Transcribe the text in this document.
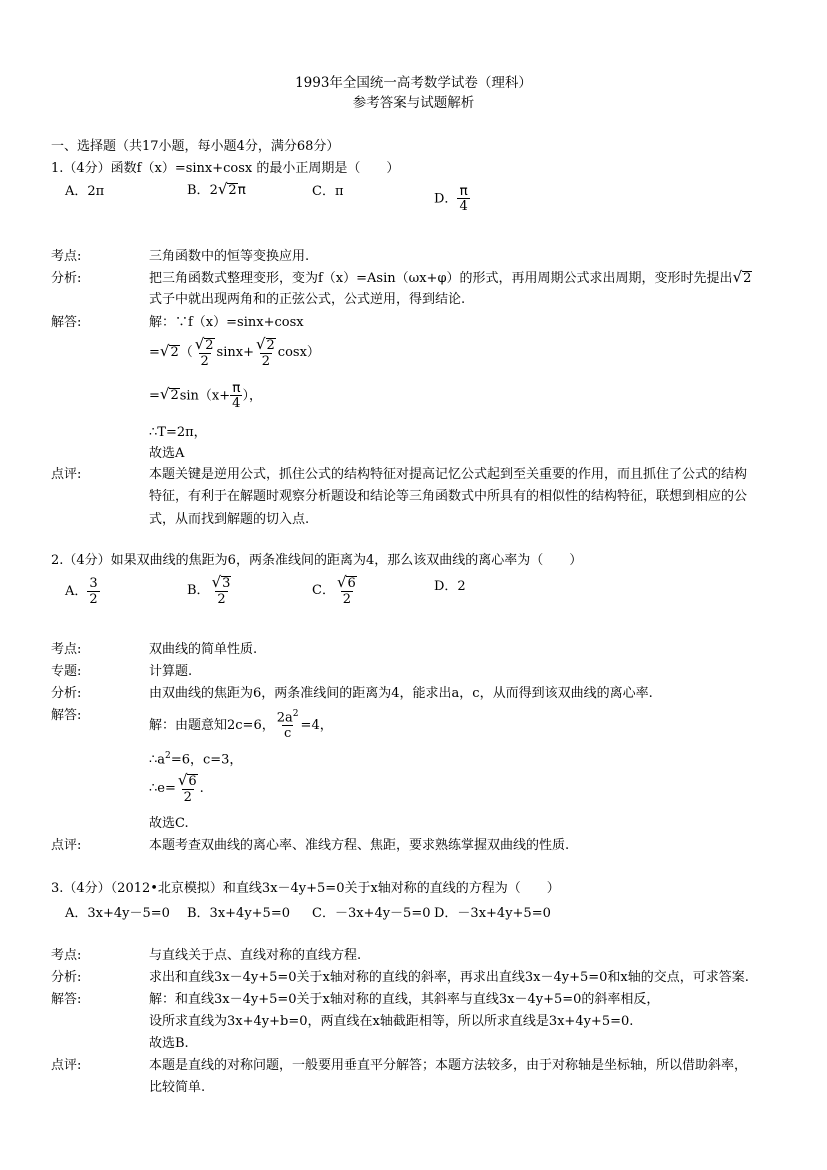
1993年全国统一高考数学试卷（理科）
参考答案与试题解析
一、选择题（共17小题，每小题4分，满分68分）
1.（4分）函数f（x）=sinx+cosx 的最小正周期是（　　）
A．2π	B．2 √ 2 π	C．π	D． $\frac{\pi}{4}$
考点:	三角函数中的恒等变换应用.
分析:	把三角函数式整理变形，变为f（x）=Asin（ωx+φ）的形式，再用周期公式求出周期，变形时先提出 √ 2
式子中就出现两角和的正弦公式，公式逆用，得到结论.
解答:	解：∵f（x）=sinx+cosx
= √ 2 （ $\frac{√ 2}{2} \sin x+ \frac{√ 2}{2} \cos x$）
= √ 2 $\sin(x+ \frac{\pi}{4}$ ），
∴T=2π，
故选A
点评:	本题关键是逆用公式，抓住公式的结构特征对提高记忆公式起到至关重要的作用，而且抓住了公式的结构
特征，有利于在解题时观察分析题设和结论等三角函数式中所具有的相似性的结构特征，联想到相应的公
式，从而找到解题的切入点.
2.（4分）如果双曲线的焦距为6，两条准线间的距离为4，那么该双曲线的离心率为（　　）
A． $\frac{3}{2}$	B． $\frac{√ 3}{2}$	C． $\frac{√ 6}{2}$	D．2
考点:	双曲线的简单性质.
专题:	计算题.
分析:	由双曲线的焦距为6，两条准线间的距离为4，能求出a，c，从而得到该双曲线的离心率.
解答:
解：由题意知2c=6， $\frac{2a^2}{c} =4$，
$\therefore a^2=6$，c=3，
∴e= $\frac{√ 6}{2}$ .
故选C.
点评:	本题考查双曲线的离心率、准线方程、焦距，要求熟练掌握双曲线的性质.
3.（4分）（2012•北京模拟）和直线3x－4y+5=0关于x轴对称的直线的方程为（　　）
A．3x+4y－5=0 B．3x+4y+5=0 C．－3x+4y－5=0 D．－3x+4y+5=0
考点:	与直线关于点、直线对称的直线方程.
分析:	求出和直线3x－4y+5=0关于x轴对称的直线的斜率，再求出直线3x－4y+5=0和x轴的交点，可求答案.
解答:	解：和直线3x－4y+5=0关于x轴对称的直线，其斜率与直线3x－4y+5=0的斜率相反，
设所求直线为3x+4y+b=0，两直线在x轴截距相等，所以所求直线是3x+4y+5=0.
故选B.
点评:	本题是直线的对称问题，一般要用垂直平分解答；本题方法较多，由于对称轴是坐标轴，所以借助斜率，
比较简单.
